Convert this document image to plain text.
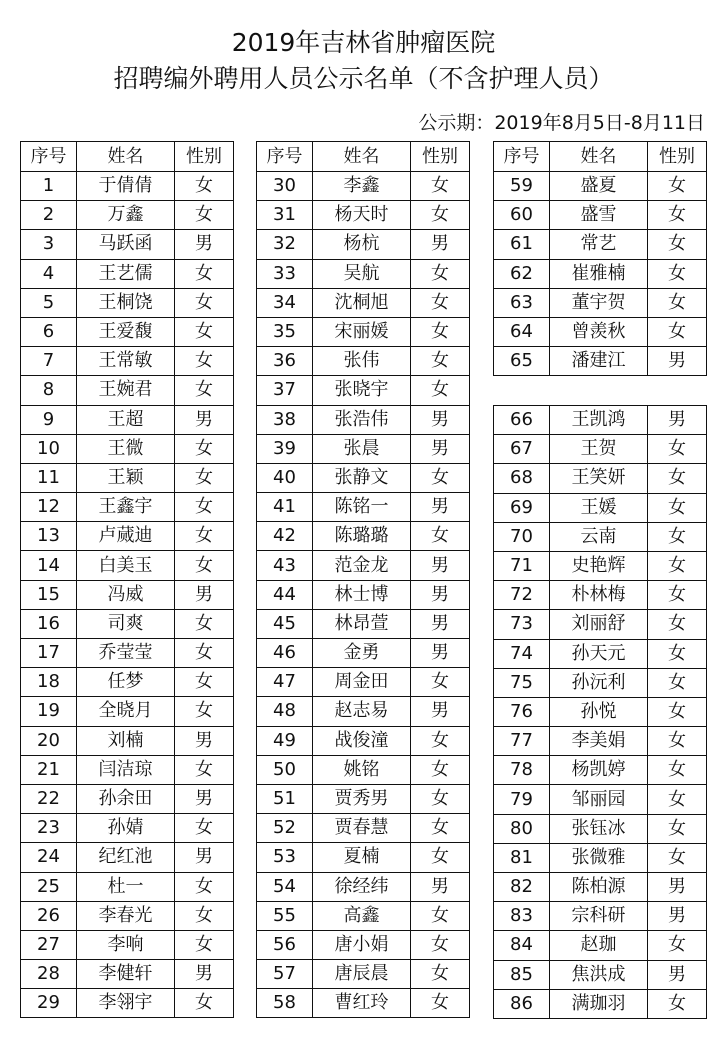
2019年吉林省肿瘤医院
招聘编外聘用人员公示名单（不含护理人员）
公示期：2019年8月5日-8月11日
序号	姓名	性别
1	于倩倩	女
2	万鑫	女
3	马跃函	男
4	王艺儒	女
5	王桐饶	女
6	王爱馥	女
7	王常敏	女
8	王婉君	女
9	王超	男
10	王微	女
11	王颖	女
12	王鑫宇	女
13	卢蒇迪	女
14	白美玉	女
15	冯威	男
16	司爽	女
17	乔莹莹	女
18	任梦	女
19	全晓月	女
20	刘楠	男
21	闫洁琼	女
22	孙余田	男
23	孙婧	女
24	纪红池	男
25	杜一	女
26	李春光	女
27	李响	女
28	李健轩	男
29	李翎宇	女
序号	姓名	性别
30	李鑫	女
31	杨天时	女
32	杨杭	男
33	吴航	女
34	沈桐旭	女
35	宋丽媛	女
36	张伟	女
37	张晓宇	女
38	张浩伟	男
39	张晨	男
40	张静文	女
41	陈铭一	男
42	陈璐璐	女
43	范金龙	男
44	林士博	男
45	林昂萱	男
46	金勇	男
47	周金田	女
48	赵志易	男
49	战俊潼	女
50	姚铭	女
51	贾秀男	女
52	贾春慧	女
53	夏楠	女
54	徐经纬	男
55	高鑫	女
56	唐小娟	女
57	唐辰晨	女
58	曹红玲	女
序号	姓名	性别
59	盛夏	女
60	盛雪	女
61	常艺	女
62	崔雅楠	女
63	董宇贺	女
64	曾羡秋	女
65	潘建江	男
66	王凯鸿	男
67	王贺	女
68	王笑妍	女
69	王媛	女
70	云南	女
71	史艳辉	女
72	朴林梅	女
73	刘丽舒	女
74	孙天元	女
75	孙沅利	女
76	孙悦	女
77	李美娟	女
78	杨凯婷	女
79	邹丽园	女
80	张钰冰	女
81	张微雅	女
82	陈柏源	男
83	宗科研	男
84	赵珈	女
85	焦洪成	男
86	满珈羽	女
